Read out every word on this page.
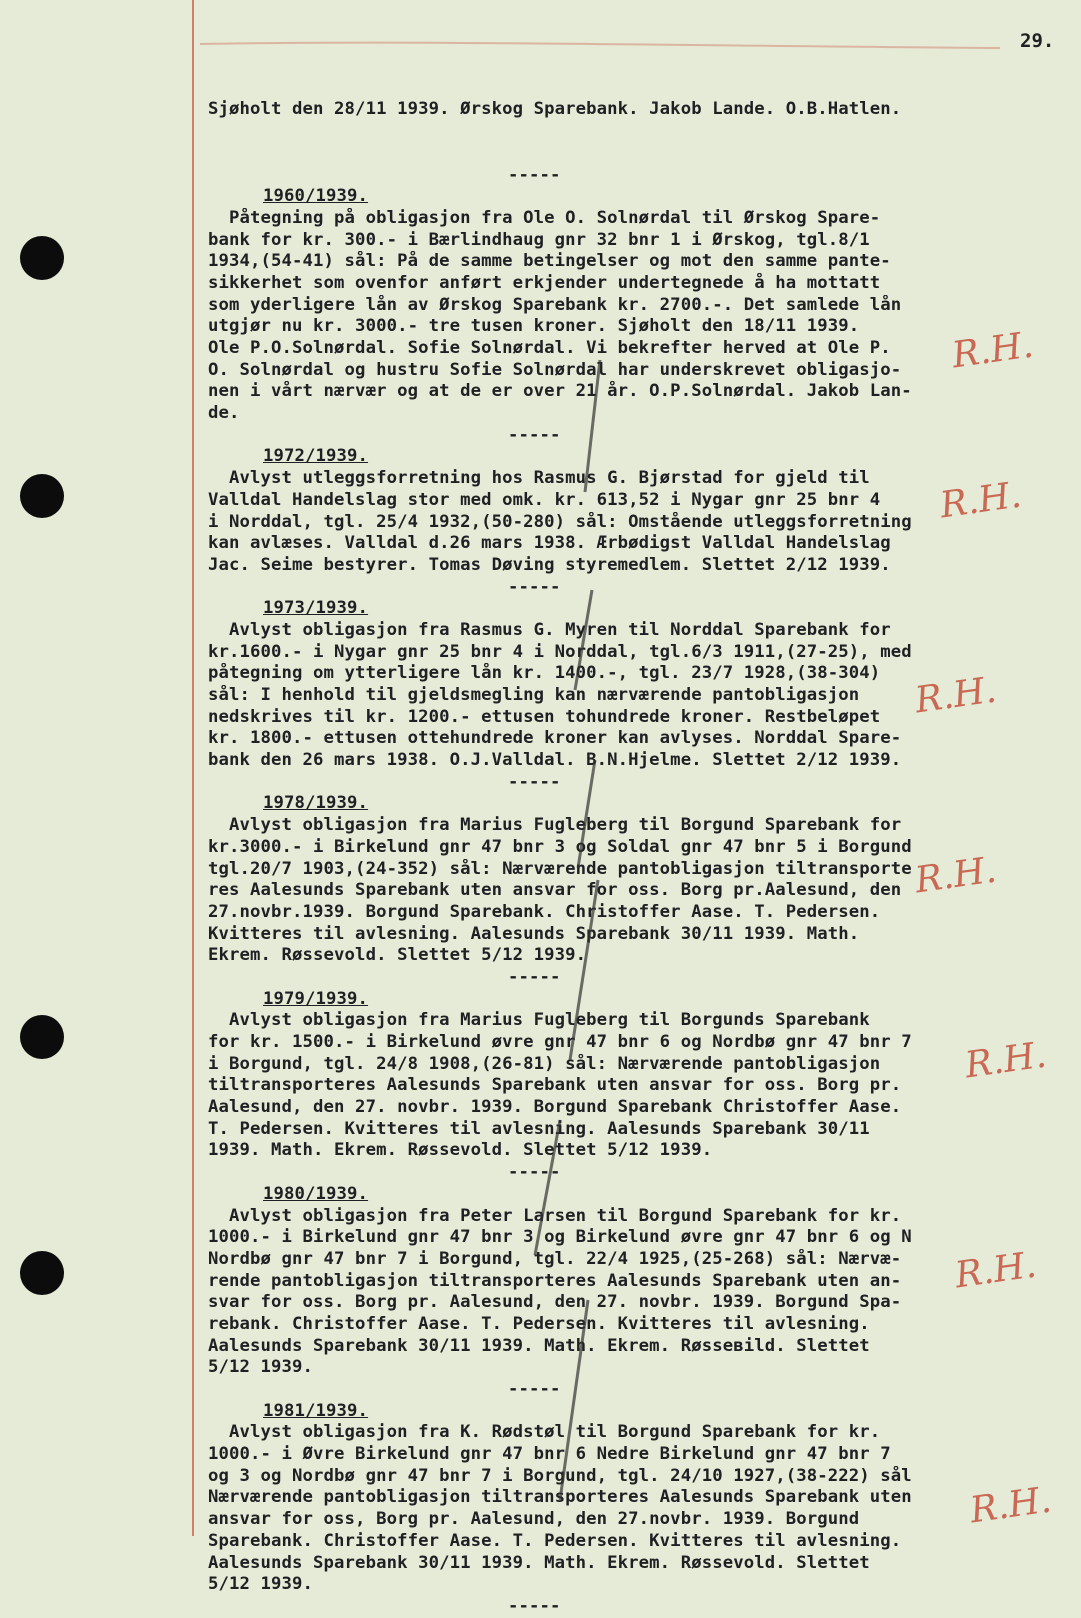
29.

Sjøholt den 28/11 1939. Ørskog Sparebank. Jakob Lande. O.B.Hatlen.

-----
1960/1939.
Påtegning på obligasjon fra Ole O. Solnørdal til Ørskog Spare-
bank for kr. 300.- i Bærlindhaug gnr 32 bnr 1 i Ørskog, tgl.8/1
1934,(54-41) sål: På de samme betingelser og mot den samme pante-
sikkerhet som ovenfor anført erkjender undertegnede å ha mottatt
som yderligere lån av Ørskog Sparebank kr. 2700.-. Det samlede lån
utgjør nu kr. 3000.- tre tusen kroner. Sjøholt den 18/11 1939.
Ole P.O.Solnørdal. Sofie Solnørdal. Vi bekrefter herved at Ole P.
O. Solnørdal og hustru Sofie Solnørdal har underskrevet obligasjo-
nen i vårt nærvær og at de er over 21 år. O.P.Solnørdal. Jakob Lan-
de.
-----
1972/1939.
Avlyst utleggsforretning hos Rasmus G. Bjørstad for gjeld til
Valldal Handelslag stor med omk. kr. 613,52 i Nygar gnr 25 bnr 4
i Norddal, tgl. 25/4 1932,(50-280) sål: Omstående utleggsforretning
kan avlæses. Valldal d.26 mars 1938. Ærbødigst Valldal Handelslag
Jac. Seime bestyrer. Tomas Døving styremedlem. Slettet 2/12 1939.
-----
1973/1939.
Avlyst obligasjon fra Rasmus G. Myren til Norddal Sparebank for
kr.1600.- i Nygar gnr 25 bnr 4 i Norddal, tgl.6/3 1911,(27-25), med
påtegning om ytterligere lån kr. 1400.-, tgl. 23/7 1928,(38-304)
sål: I henhold til gjeldsmegling kan nærværende pantobligasjon
nedskrives til kr. 1200.- ettusen tohundrede kroner. Restbeløpet
kr. 1800.- ettusen ottehundrede kroner kan avlyses. Norddal Spare-
bank den 26 mars 1938. O.J.Valldal. B.N.Hjelme. Slettet 2/12 1939.
-----
1978/1939.
Avlyst obligasjon fra Marius Fugleberg til Borgund Sparebank for
kr.3000.- i Birkelund gnr 47 bnr 3 og Soldal gnr 47 bnr 5 i Borgund
tgl.20/7 1903,(24-352) sål: Nærværende pantobligasjon tiltransporte
res Aalesunds Sparebank uten ansvar for oss. Borg pr.Aalesund, den
27.novbr.1939. Borgund Sparebank. Christoffer Aase. T. Pedersen.
Kvitteres til avlesning. Aalesunds Sparebank 30/11 1939. Math.
Ekrem. Røssevold. Slettet 5/12 1939.
-----
1979/1939.
Avlyst obligasjon fra Marius Fugleberg til Borgunds Sparebank
for kr. 1500.- i Birkelund øvre gnr 47 bnr 6 og Nordbø gnr 47 bnr 7
i Borgund, tgl. 24/8 1908,(26-81) sål: Nærværende pantobligasjon
tiltransporteres Aalesunds Sparebank uten ansvar for oss. Borg pr.
Aalesund, den 27. novbr. 1939. Borgund Sparebank Christoffer Aase.
T. Pedersen. Kvitteres til avlesning. Aalesunds Sparebank 30/11
1939. Math. Ekrem. Røssevold. Slettet 5/12 1939.
-----
1980/1939.
Avlyst obligasjon fra Peter Larsen til Borgund Sparebank for kr.
1000.- i Birkelund gnr 47 bnr 3 og Birkelund øvre gnr 47 bnr 6 og N
Nordbø gnr 47 bnr 7 i Borgund, tgl. 22/4 1925,(25-268) sål: Nærvæ-
rende pantobligasjon tiltransporteres Aalesunds Sparebank uten an-
svar for oss. Borg pr. Aalesund, den 27. novbr. 1939. Borgund Spa-
rebank. Christoffer Aase. T. Pedersen. Kvitteres til avlesning.
Aalesunds Sparebank 30/11 1939. Math. Ekrem. Røsseвild. Slettet
5/12 1939.
-----
1981/1939.
Avlyst obligasjon fra K. Rødstøl til Borgund Sparebank for kr.
1000.- i Øvre Birkelund gnr 47 bnr 6 Nedre Birkelund gnr 47 bnr 7
og 3 og Nordbø gnr 47 bnr 7 i Borgund, tgl. 24/10 1927,(38-222) sål
Nærværende pantobligasjon tiltransporteres Aalesunds Sparebank uten
ansvar for oss, Borg pr. Aalesund, den 27.novbr. 1939. Borgund
Sparebank. Christoffer Aase. T. Pedersen. Kvitteres til avlesning.
Aalesunds Sparebank 30/11 1939. Math. Ekrem. Røssevold. Slettet
5/12 1939.
-----
R.H.
R.H.
R.H.
R.H.
R.H.
R.H.
R.H.
